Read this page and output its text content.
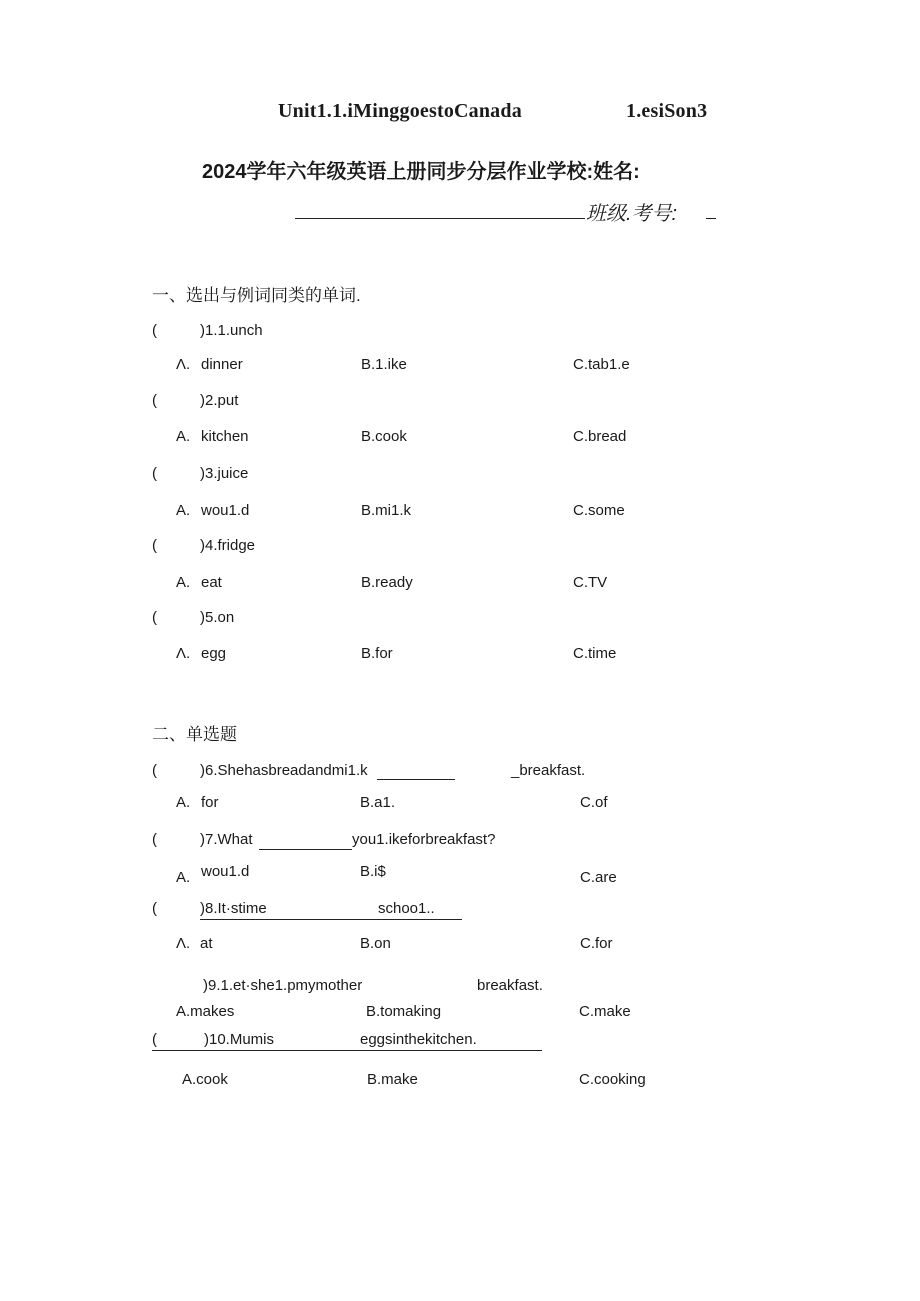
Unit1.1.iMinggoestoCanada	1.esiSon3
2024学年六年级英语上册同步分层作业学校:姓名:
班级.考号:
一、选出与例词同类的单词.
(	)1.1.unch
Λ. dinner	B.1.ike	C.tab1.e
(	)2.put
A. kitchen	B.cook	C.bread
(	)3.juice
A. wou1.d	B.mi1.k	C.some
(	)4.fridge
A. eat	B.ready	C.TV
(	)5.on
Λ. egg	B.for	C.time
二、单选题
(	)6.Shehasbreadandmi1.k	_breakfast.
A. for	B.a1.	C.of
(	)7.What	you1.ikeforbreakfast?
A. wou1.d	B.i$	C.are
(	)8.It·stime	schoo1..
Λ. at	B.on	C.for
)9.1.et·she1.pmymother	breakfast.
A.makes	B.tomaking	C.make
(	)10.Mumis	eggsinthekitchen.
A.cook	B.make	C.cooking
